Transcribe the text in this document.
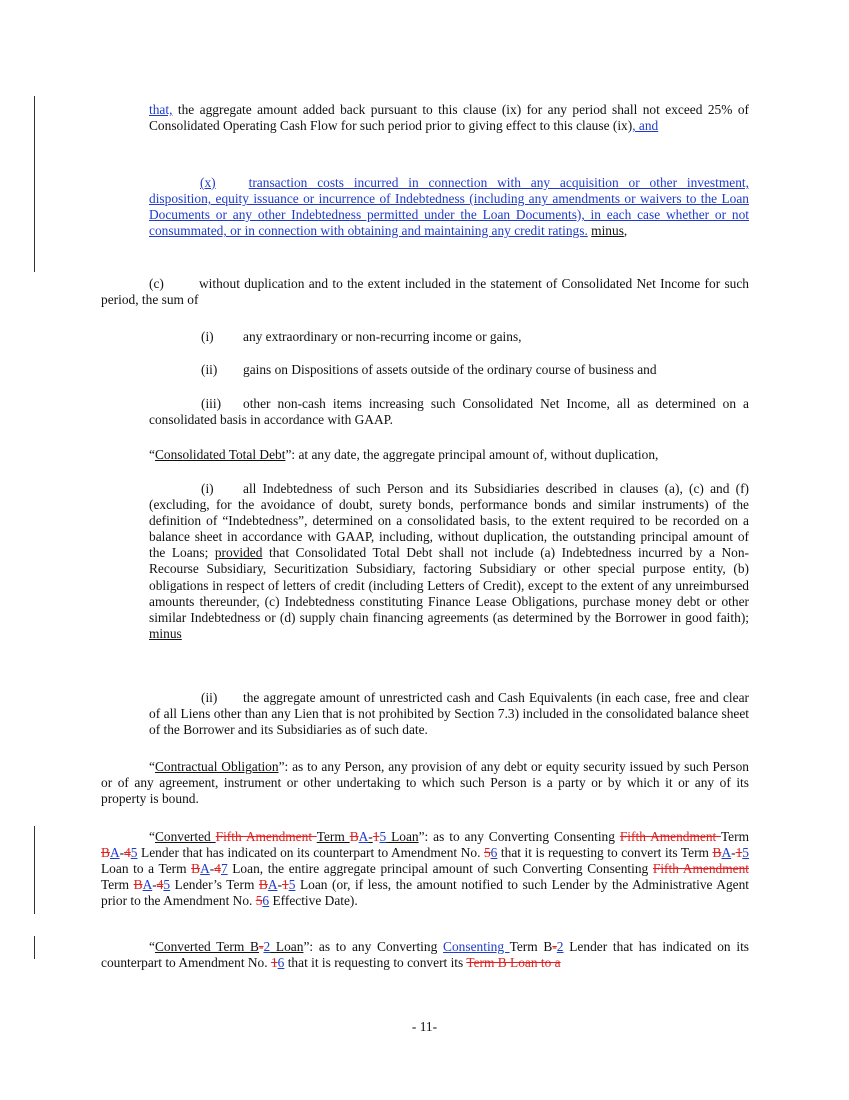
that, the aggregate amount added back pursuant to this clause (ix) for any period shall not exceed 25% of Consolidated Operating Cash Flow for such period prior to giving effect to this clause (ix), and

(x) transaction costs incurred in connection with any acquisition or other investment, disposition, equity issuance or incurrence of Indebtedness (including any amendments or waivers to the Loan Documents or any other Indebtedness permitted under the Loan Documents), in each case whether or not consummated, or in connection with obtaining and maintaining any credit ratings. minus,

(c)	without duplication and to the extent included in the statement of Consolidated Net Income for such period, the sum of

(i) any extraordinary or non-recurring income or gains,

(ii) gains on Dispositions of assets outside of the ordinary course of business and

(iii) other non-cash items increasing such Consolidated Net Income, all as determined on a consolidated basis in accordance with GAAP.

“Consolidated Total Debt”: at any date, the aggregate principal amount of, without duplication,

(i) all Indebtedness of such Person and its Subsidiaries described in clauses (a), (c) and (f) (excluding, for the avoidance of doubt, surety bonds, performance bonds and similar instruments) of the definition of “Indebtedness”, determined on a consolidated basis, to the extent required to be recorded on a balance sheet in accordance with GAAP, including, without duplication, the outstanding principal amount of the Loans; provided that Consolidated Total Debt shall not include (a) Indebtedness incurred by a Non-Recourse Subsidiary, Securitization Subsidiary, factoring Subsidiary or other special purpose entity, (b) obligations in respect of letters of credit (including Letters of Credit), except to the extent of any unreimbursed amounts thereunder, (c) Indebtedness constituting Finance Lease Obligations, purchase money debt or other similar Indebtedness or (d) supply chain financing agreements (as determined by the Borrower in good faith); minus

(ii) the aggregate amount of unrestricted cash and Cash Equivalents (in each case, free and clear of all Liens other than any Lien that is not prohibited by Section 7.3) included in the consolidated balance sheet of the Borrower and its Subsidiaries as of such date.

“Contractual Obligation”: as to any Person, any provision of any debt or equity security issued by such Person or of any agreement, instrument or other undertaking to which such Person is a party or by which it or any of its property is bound.

“Converted Fifth Amendment Term BA-15 Loan”: as to any Converting Consenting Fifth Amendment Term BA-45 Lender that has indicated on its counterpart to Amendment No. 56 that it is requesting to convert its Term BA-15 Loan to a Term BA-47 Loan, the entire aggregate principal amount of such Converting Consenting Fifth Amendment Term BA-45 Lender’s Term BA-15 Loan (or, if less, the amount notified to such Lender by the Administrative Agent prior to the Amendment No. 56 Effective Date).

“Converted Term B-2 Loan”: as to any Converting Consenting Term B-2 Lender that has indicated on its counterpart to Amendment No. 16 that it is requesting to convert its Term B Loan to a

- 11-
